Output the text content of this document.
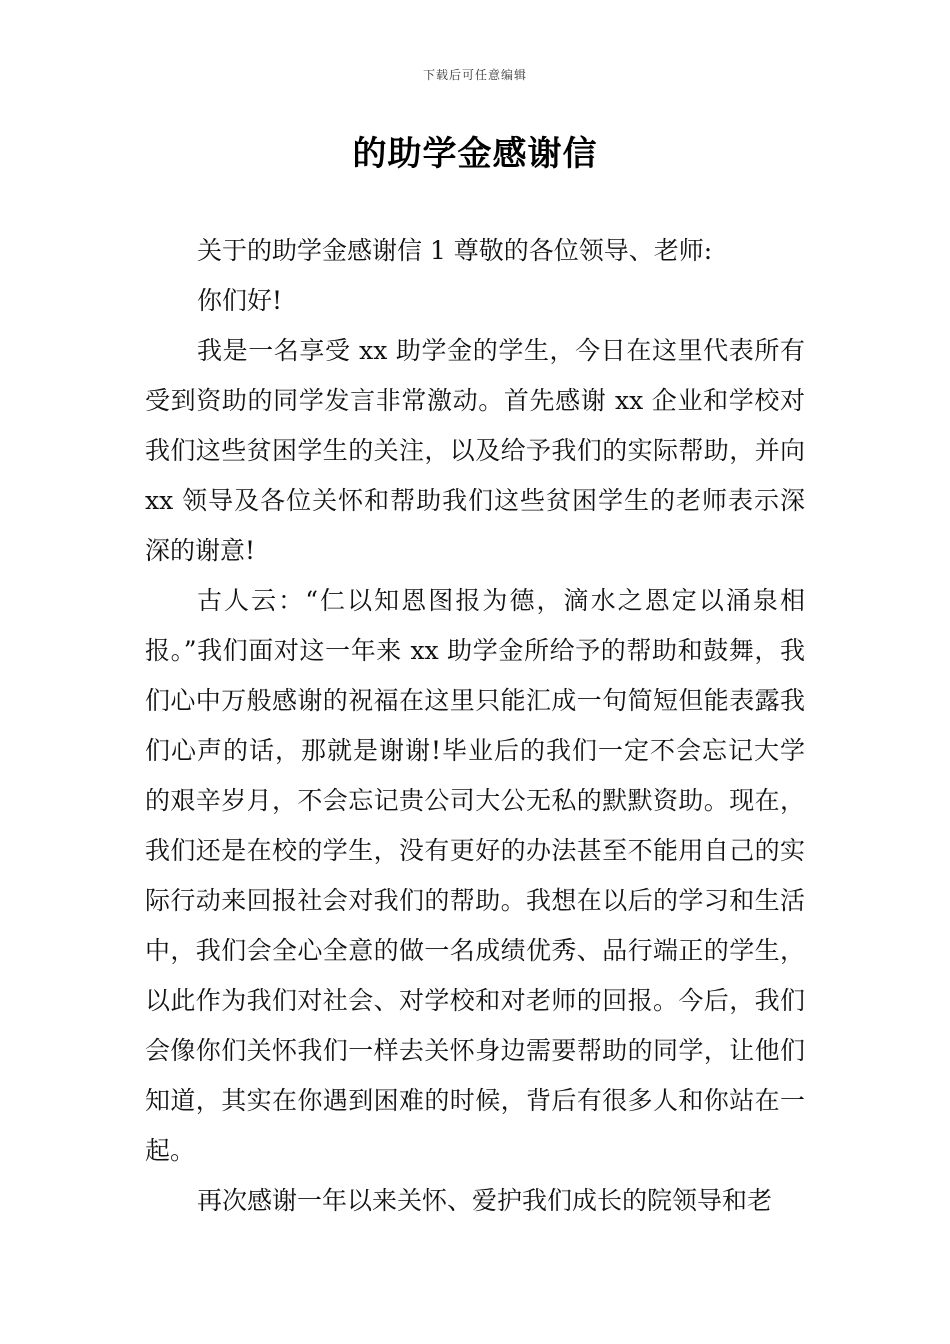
下载后可任意编辑
的助学金感谢信

关于的助学金感谢信 1 尊敬的各位领导、老师:

你们好!

我是一名享受 xx 助学金的学生，今日在这里代表所有受到资助的同学发言非常激动。首先感谢 xx 企业和学校对我们这些贫困学生的关注，以及给予我们的实际帮助，并向 xx 领导及各位关怀和帮助我们这些贫困学生的老师表示深深的谢意!

古人云：“仁以知恩图报为德，滴水之恩定以涌泉相报。”我们面对这一年来 xx 助学金所给予的帮助和鼓舞，我们心中万般感谢的祝福在这里只能汇成一句简短但能表露我们心声的话，那就是谢谢!毕业后的我们一定不会忘记大学的艰辛岁月，不会忘记贵公司大公无私的默默资助。现在，我们还是在校的学生，没有更好的办法甚至不能用自己的实际行动来回报社会对我们的帮助。我想在以后的学习和生活中，我们会全心全意的做一名成绩优秀、品行端正的学生，以此作为我们对社会、对学校和对老师的回报。今后，我们会像你们关怀我们一样去关怀身边需要帮助的同学，让他们知道，其实在你遇到困难的时候，背后有很多人和你站在一起。

再次感谢一年以来关怀、爱护我们成长的院领导和老
